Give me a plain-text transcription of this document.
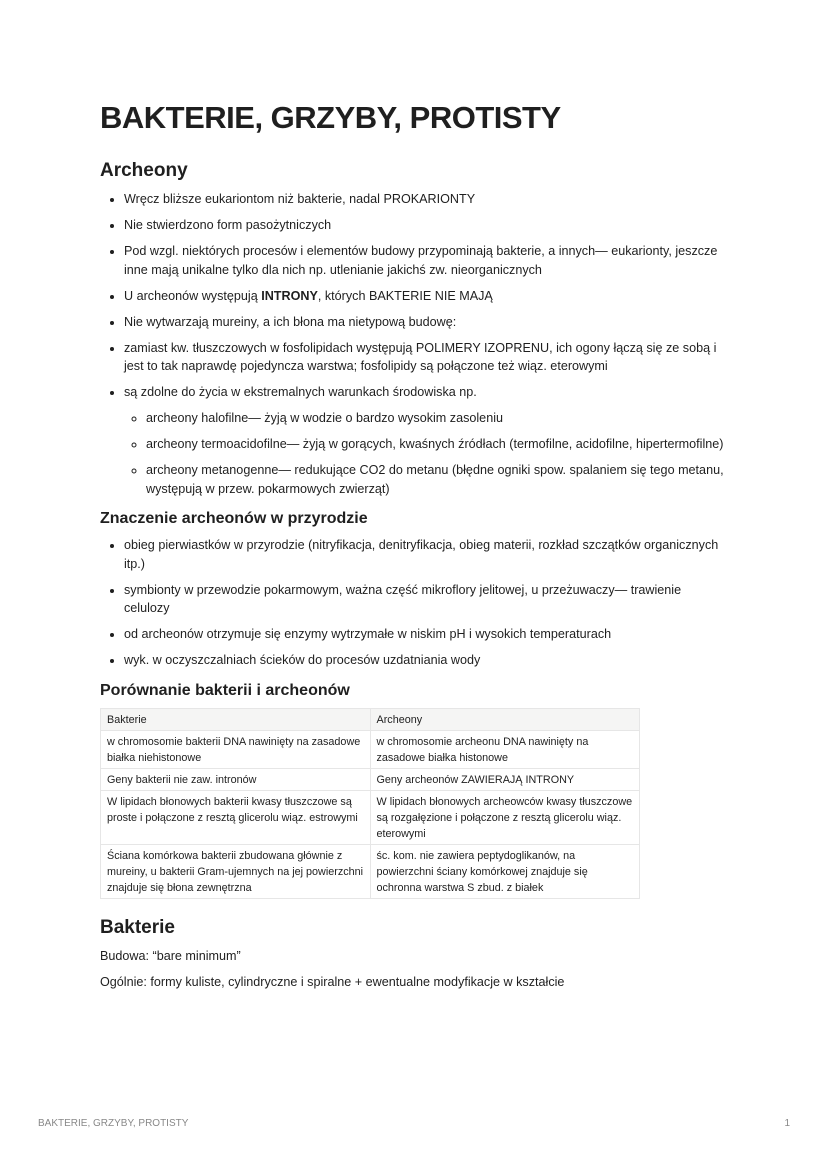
BAKTERIE, GRZYBY, PROTISTY
Archeony
• Wręcz bliższe eukariontom niż bakterie, nadal PROKARIONTY
• Nie stwierdzono form pasożytniczych
• Pod wzgl. niektórych procesów i elementów budowy przypominają bakterie, a innych— eukarionty, jeszcze inne mają unikalne tylko dla nich np. utlenianie jakichś zw. nieorganicznych
• U archeonów występują INTRONY, których BAKTERIE NIE MAJĄ
• Nie wytwarzają mureiny, a ich błona ma nietypową budowę:
• zamiast kw. tłuszczowych w fosfolipidach występują POLIMERY IZOPRENU, ich ogony łączą się ze sobą i jest to tak naprawdę pojedyncza warstwa; fosfolipidy są połączone też wiąz. eterowymi
• są zdolne do życia w ekstremalnych warunkach środowiska np.
◦ archeony halofilne— żyją w wodzie o bardzo wysokim zasoleniu
◦ archeony termoacidofilne— żyją w gorących, kwaśnych źródłach (termofilne, acidofilne, hipertermofilne)
◦ archeony metanogenne— redukujące CO2 do metanu (błędne ogniki spow. spalaniem się tego metanu, występują w przew. pokarmowych zwierząt)
Znaczenie archeonów w przyrodzie
• obieg pierwiastków w przyrodzie (nitryfikacja, denitryfikacja, obieg materii, rozkład szczątków organicznych itp.)
• symbionty w przewodzie pokarmowym, ważna część mikroflory jelitowej, u przeżuwaczy— trawienie celulozy
• od archeonów otrzymuje się enzymy wytrzymałe w niskim pH i wysokich temperaturach
• wyk. w oczyszczalniach ścieków do procesów uzdatniania wody
Porównanie bakterii i archeonów
Bakterie	Archeony
w chromosomie bakterii DNA nawinięty na zasadowe białka niehistonowe	w chromosomie archeonu DNA nawinięty na zasadowe białka histonowe
Geny bakterii nie zaw. intronów	Geny archeonów ZAWIERAJĄ INTRONY
W lipidach błonowych bakterii kwasy tłuszczowe są proste i połączone z resztą glicerolu wiąz. estrowymi	W lipidach błonowych archeowców kwasy tłuszczowe są rozgałęzione i połączone z resztą glicerolu wiąz. eterowymi
Ściana komórkowa bakterii zbudowana głównie z mureiny, u bakterii Gram-ujemnych na jej powierzchni znajduje się błona zewnętrzna	śc. kom. nie zawiera peptydoglikanów, na powierzchni ściany komórkowej znajduje się ochronna warstwa S zbud. z białek
Bakterie

Budowa: “bare minimum”

Ogólnie: formy kuliste, cylindryczne i spiralne + ewentualne modyfikacje w kształcie

BAKTERIE, GRZYBY, PROTISTY	1
